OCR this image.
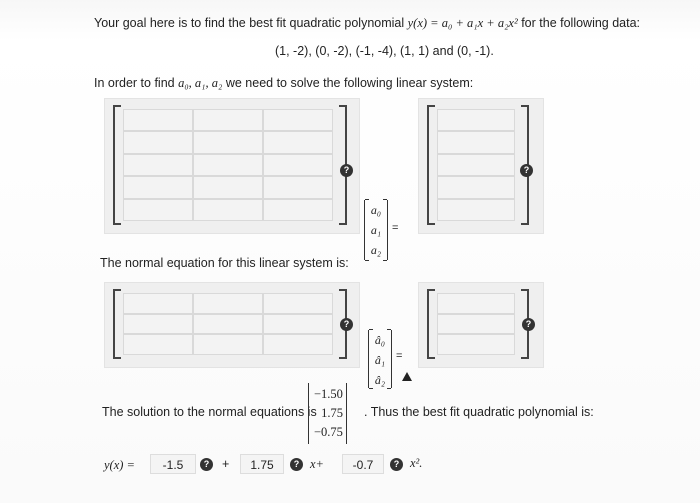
Your goal here is to find the best fit quadratic polynomial y(x) = a₀ + a₁x + a₂x² for the following data:
(1, -2), (0, -2), (-1, -4), (1, 1) and (0, -1).
In order to find a₀, a₁, a₂ we need to solve the following linear system:
?
a₀
a₁
a₂
=
?
The normal equation for this linear system is:
?
â₀
â₁
â₂
=
?
The solution to the normal equations is
−1.50
1.75
−0.75
. Thus the best fit quadratic polynomial is:
y(x) =	-1.5	?	+	1.75	? x+	-0.7	? x².
